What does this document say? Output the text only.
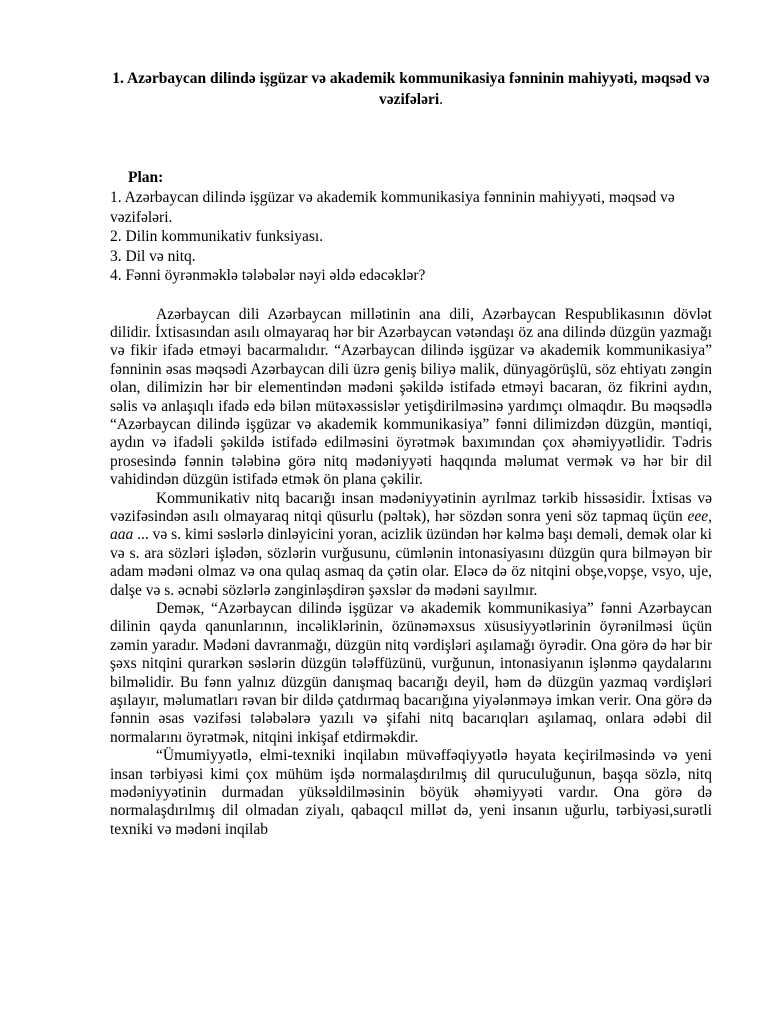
1. Azərbaycan dilində işgüzar və akademik kommunikasiya fənninin mahiyyəti, məqsəd və vəzifələri.
Plan:
1. Azərbaycan dilində işgüzar və akademik kommunikasiya fənninin mahiyyəti, məqsəd və vəzifələri.
2. Dilin kommunikativ funksiyası.
3. Dil və nitq.
4. Fənni öyrənməklə tələbələr nəyi əldə edəcəklər?

Azərbaycan dili Azərbaycan millətinin ana dili, Azərbaycan Respublikasının dövlət dilidir. İxtisasından asılı olmayaraq hər bir Azərbaycan vətəndaşı öz ana dilində düzgün yazmağı və fikir ifadə etməyi bacarmalıdır. “Azərbaycan dilində işgüzar və akademik kommunikasiya” fənninin əsas məqsədi Azərbaycan dili üzrə geniş biliyə malik, dünyagörüşlü, söz ehtiyatı zəngin olan, dilimizin hər bir elementindən mədəni şəkildə istifadə etməyi bacaran, öz fikrini aydın, səlis və anlaşıqlı ifadə edə bilən mütəxəssislər yetişdirilməsinə yardımçı olmaqdır. Bu məqsədlə “Azərbaycan dilində işgüzar və akademik kommunikasiya” fənni dilimizdən düzgün, məntiqi, aydın və ifadəli şəkildə istifadə edilməsini öyrətmək baxımından çox əhəmiyyətlidir. Tədris prosesində fənnin tələbinə görə nitq mədəniyyəti haqqında məlumat vermək və hər bir dil vahidindən düzgün istifadə etmək ön plana çəkilir.

Kommunikativ nitq bacarığı insan mədəniyyətinin ayrılmaz tərkib hissəsidir. İxtisas və vəzifəsindən asılı olmayaraq nitqi qüsurlu (pəltək), hər sözdən sonra yeni söz tapmaq üçün eee, aaa ... və s. kimi səslərlə dinləyicini yoran, acizlik üzündən hər kəlmə başı deməli, demək olar ki və s. ara sözləri işlədən, sözlərin vurğusunu, cümlənin intonasiyasını düzgün qura bilməyən bir adam mədəni olmaz və ona qulaq asmaq da çətin olar. Eləcə də öz nitqini obşe,vopşe, vsyo, uje, dalşe və s. əcnəbi sözlərlə zənginləşdirən şəxslər də mədəni sayılmır.

Deməк, “Azərbaycan dilində işgüzar və akademik kommunikasiya” fənni Azərbaycan dilinin qayda qanunlarının, incəliklərinin, özünəməxsus xüsusiyyətlərinin öyrənilməsi üçün zəmin yaradır. Mədəni davranmağı, düzgün nitq vərdişləri aşılamağı öyrədir. Ona görə də hər bir şəxs nitqini qurarkən səslərin düzgün tələffüzünü, vurğunun, intonasiyanın işlənmə qaydalarını bilməlidir. Bu fənn yalnız düzgün danışmaq bacarığı deyil, həm də düzgün yazmaq vərdişləri aşılayır, məlumatları rəvan bir dildə çatdırmaq bacarığına yiyələnməyə imkan verir. Ona görə də fənnin əsas vəzifəsi tələbələrə yazılı və şifahi nitq bacarıqları aşılamaq, onlara ədəbi dil normalarını öyrətmək, nitqini inkişaf etdirməkdir.

“Ümumiyyətlə, elmi-texniki inqilabın müvəffəqiyyətlə həyata keçirilməsində və yeni insan tərbiyəsi kimi çox mühüm işdə normalaşdırılmış dil quruculuğunun, başqa sözlə, nitq mədəniyyətinin durmadan yüksəldilməsinin böyük əhəmiyyəti vardır. Ona görə də normalaşdırılmış dil olmadan ziyalı, qabaqcıl millət də, yeni insanın uğurlu, tərbiyəsi,surətli texniki və mədəni inqilab
